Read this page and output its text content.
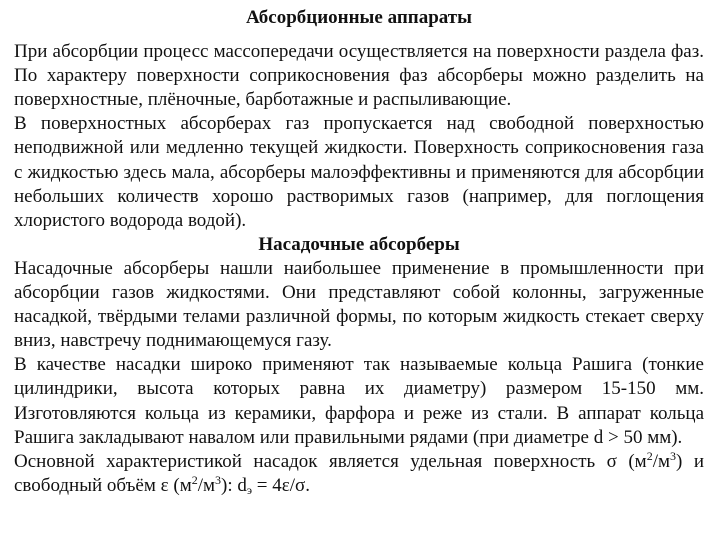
Абсорбционные аппараты

При абсорбции процесс массопередачи осуществляется на поверхности раздела фаз. По характеру поверхности соприкосновения фаз абсорберы можно разделить на поверхностные, плёночные, барботажные и распыливающие.

В поверхностных абсорберах газ пропускается над свободной поверхностью неподвижной или медленно текущей жидкости. Поверхность соприкосновения газа с жидкостью здесь мала, абсорберы малоэффективны и применяются для абсорбции небольших количеств хорошо растворимых газов (например, для поглощения хлористого водорода водой).

Насадочные абсорберы

Насадочные абсорберы нашли наибольшее применение в промышленности при абсорбции газов жидкостями. Они представляют собой колонны, загруженные насадкой, твёрдыми телами различной формы, по которым жидкость стекает сверху вниз, навстречу поднимающемуся газу.

В качестве насадки широко применяют так называемые кольца Рашига (тонкие цилиндрики, высота которых равна их диаметру) размером 15-150 мм. Изготовляются кольца из керамики, фарфора и реже из стали. В аппарат кольца Рашига закладывают навалом или правильными рядами (при диаметре d > 50 мм).

Основной характеристикой насадок является удельная поверхность σ $(м^2/м^3)$ и свободный объём ε $(м^2/м^3)$: $d_э = 4\varepsilon/\sigma$.
